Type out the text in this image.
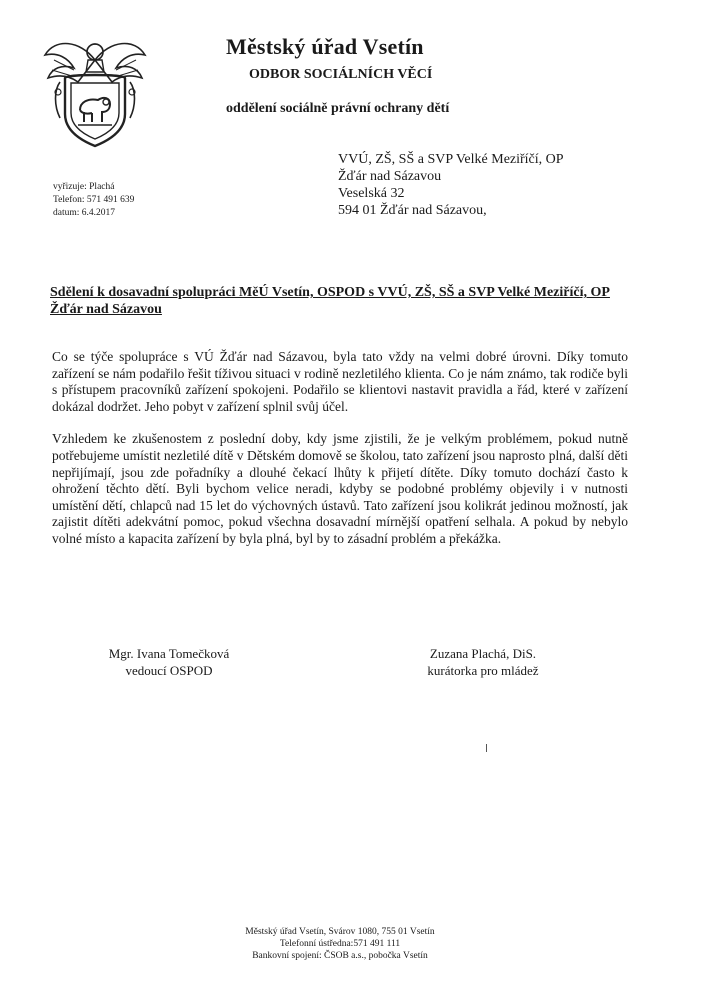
Městský úřad Vsetín
ODBOR SOCIÁLNÍCH VĚCÍ
oddělení sociálně právní ochrany dětí
VVÚ, ZŠ, SŠ a SVP Velké Meziříčí, OP
Žďár nad Sázavou
Veselská 32
594 01 Žďár nad Sázavou,
vyřizuje: Plachá
Telefon: 571 491 639
datum: 6.4.2017
Sdělení k dosavadní spolupráci MěÚ Vsetín, OSPOD s VVÚ, ZŠ, SŠ a SVP Velké Meziříčí, OP Žďár nad Sázavou

Co se týče spolupráce s VÚ Žďár nad Sázavou, byla tato vždy na velmi dobré úrovni. Díky tomuto zařízení se nám podařilo řešit tíživou situaci v rodině nezletilého klienta. Co je nám známo, tak rodiče byli s přístupem pracovníků zařízení spokojeni. Podařilo se klientovi nastavit pravidla a řád, které v zařízení dokázal dodržet. Jeho pobyt v zařízení splnil svůj účel.

Vzhledem ke zkušenostem z poslední doby, kdy jsme zjistili, že je velkým problémem, pokud nutně potřebujeme umístit nezletilé dítě v Dětském domově se školou, tato zařízení jsou naprosto plná, další děti nepřijímají, jsou zde pořadníky a dlouhé čekací lhůty k přijetí dítěte. Díky tomuto dochází často k ohrožení těchto dětí. Byli bychom velice neradi, kdyby se podobné problémy objevily i v nutnosti umístění dětí, chlapců nad 15 let do výchovných ústavů. Tato zařízení jsou kolikrát jedinou možností, jak zajistit dítěti adekvátní pomoc, pokud všechna dosavadní mírnější opatření selhala. A pokud by nebylo volné místo a kapacita zařízení by byla plná, byl by to zásadní problém a překážka.

Mgr. Ivana Tomečková
vedoucí OSPOD
Zuzana Plachá, DiS.
kurátorka pro mládež
Městský úřad Vsetín, Svárov 1080, 755 01 Vsetín
Telefonní ústředna:571 491 111
Bankovní spojení: ČSOB a.s., pobočka Vsetín
